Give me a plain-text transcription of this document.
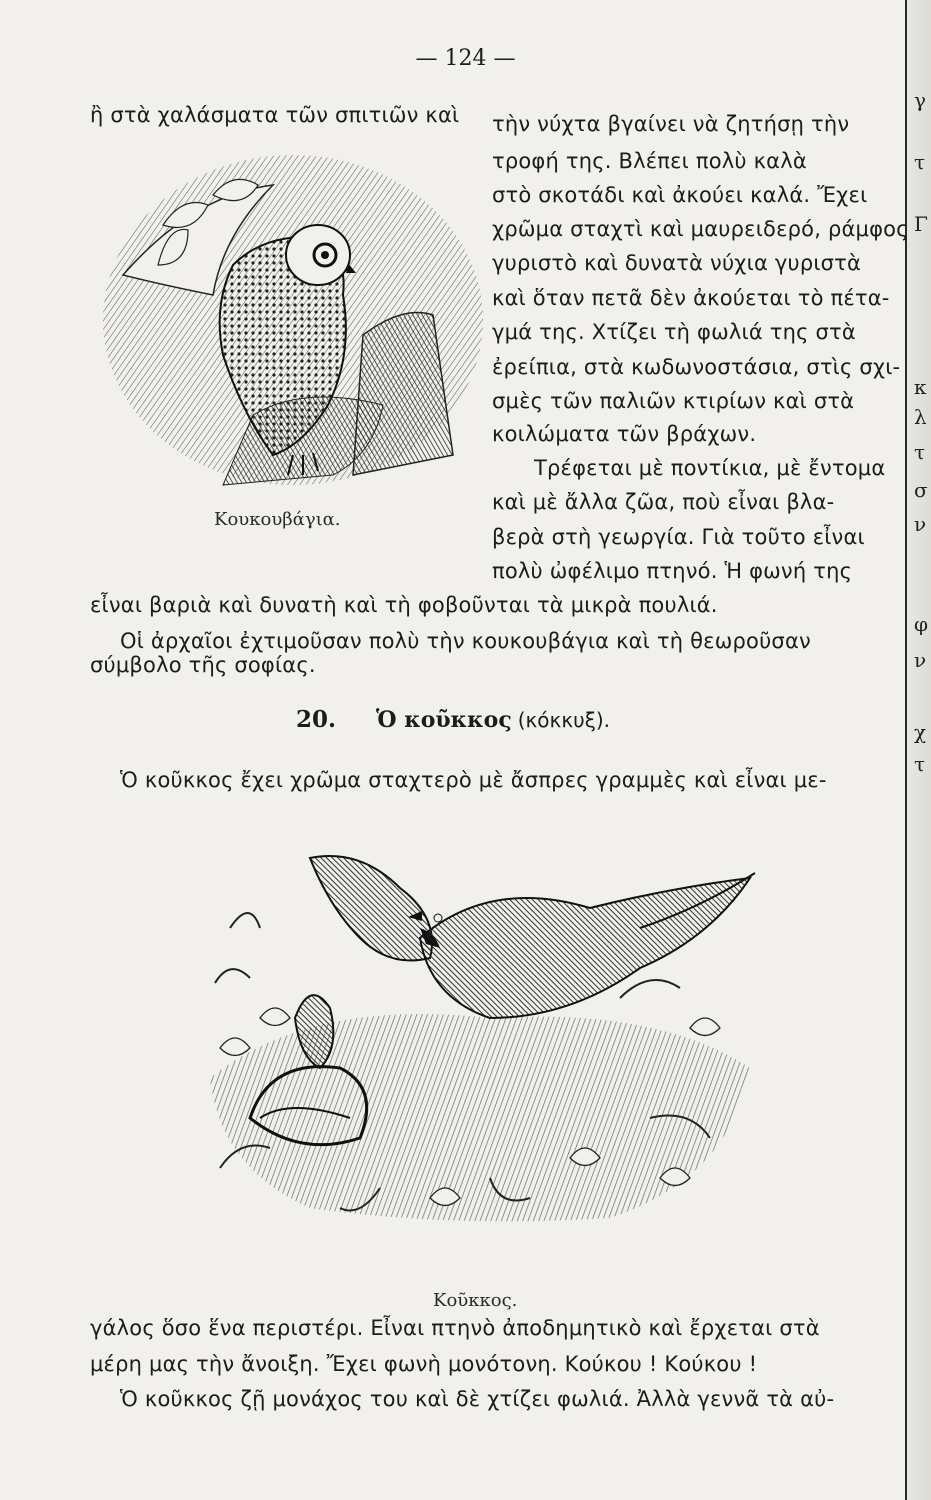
— 124 —
ἢ στὰ χαλάσματα τῶν σπιτιῶν καὶ τὴν νύχτα βγαίνει νὰ ζητήσῃ τὴν
τροφή της. Βλέπει πολὺ καλὰ
στὸ σκοτάδι καὶ ἀκούει καλά. Ἔχει
χρῶμα σταχτὶ καὶ μαυρειδερό, ράμφος
γυριστὸ καὶ δυνατὰ νύχια γυριστὰ
καὶ ὅταν πετᾶ δὲν ἀκούεται τὸ πέτα-
γμά της. Χτίζει τὴ φωλιά της στὰ
ἐρείπια, στὰ κωδωνοστάσια, στὶς σχι-
σμὲς τῶν παλιῶν κτιρίων καὶ στὰ
κοιλώματα τῶν βράχων.
Τρέφεται μὲ ποντίκια, μὲ ἔντομα
καὶ μὲ ἄλλα ζῶα, ποὺ εἶναι βλα-
βερὰ στὴ γεωργία. Γιὰ τοῦτο εἶναι
πολὺ ὠφέλιμο πτηνό. Ἡ φωνή της
εἶναι βαριὰ καὶ δυνατὴ καὶ τὴ φοβοῦνται τὰ μικρὰ πουλιά.
Οἱ ἀρχαῖοι ἐχτιμοῦσαν πολὺ τὴν κουκουβάγια καὶ τὴ θεωροῦσαν
σύμβολο τῆς σοφίας.
Κουκουβάγια.
20. Ὁ κοῦκκος (κόκκυξ).
Ὁ κοῦκκος ἔχει χρῶμα σταχτερὸ μὲ ἄσπρες γραμμὲς καὶ εἶναι με-
Κοῦκκος.
γάλος ὅσο ἕνα περιστέρι. Εἶναι πτηνὸ ἀποδημητικὸ καὶ ἔρχεται στὰ
μέρη μας τὴν ἄνοιξη. Ἔχει φωνὴ μονότονη. Κούκου ! Κούκου !
Ὁ κοῦκκος ζῇ μονάχος του καὶ δὲ χτίζει φωλιά. Ἀλλὰ γεννᾶ τὰ αὐ-
γ
τ
Γ
κ
λ
τ
σ
ν
φ
ν
χ
τ
